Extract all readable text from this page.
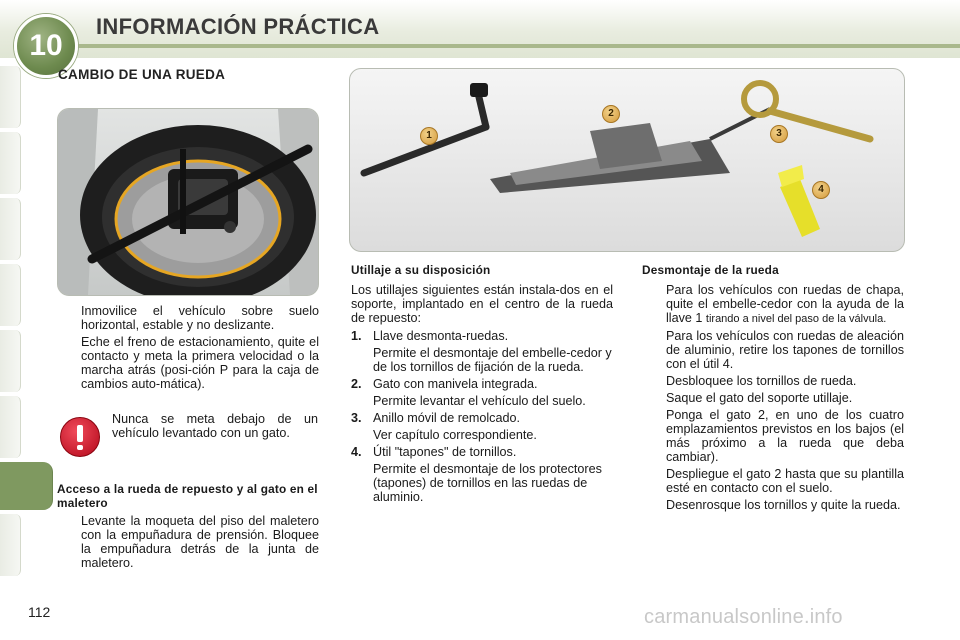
10
INFORMACIÓN PRÁCTICA
CAMBIO DE UNA RUEDA
1
2
3
4
Inmovilice el vehículo sobre suelo horizontal, estable y no deslizante.
Eche el freno de estacionamiento, quite el contacto y meta la primera velocidad o la marcha atrás (posi-ción P para la caja de cambios auto-mática).
Nunca se meta debajo de un vehículo levantado con un gato.
Acceso a la rueda de repuesto y al gato en el maletero
Levante la moqueta del piso del maletero con la empuñadura de prensión. Bloquee la empuñadura detrás de la junta de maletero.
Utillaje a su disposición
Los utillajes siguientes están instala-dos en el soporte, implantado en el centro de la rueda de repuesto:
1. Llave desmonta-ruedas.
Permite el desmontaje del embelle-cedor y de los tornillos de fijación de la rueda.
2. Gato con manivela integrada.
Permite levantar el vehículo del suelo.
3. Anillo móvil de remolcado.
Ver capítulo correspondiente.
4. Útil "tapones" de tornillos.
Permite el desmontaje de los protectores (tapones) de tornillos en las ruedas de aluminio.
Desmontaje de la rueda
Para los vehículos con ruedas de chapa, quite el embelle-cedor con la ayuda de la llave 1 tirando a nivel del paso de la válvula.
Para los vehículos con ruedas de aleación de aluminio, retire los tapones de tornillos con el útil 4.
Desbloquee los tornillos de rueda.
Saque el gato del soporte utillaje.
Ponga el gato 2, en uno de los cuatro emplazamientos previstos en los bajos (el más próximo a la rueda que deba cambiar).
Despliegue el gato 2 hasta que su plantilla esté en contacto con el suelo.
Desenrosque los tornillos y quite la rueda.
112	carmanualsonline.info
